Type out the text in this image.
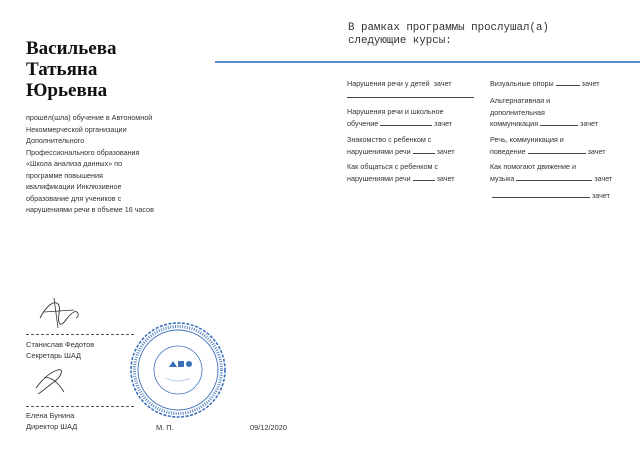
Васильева
Татьяна
Юрьевна
прошёл(шла) обучение в Автономной
Некоммерческой организации
Дополнительного
Профессионального образования
«Школа анализа данных» по
программе повышения
квалификации Инклюзивное
образование для учеников с
нарушениями речи в объеме 16 часов
В рамках программы прослушал(а)
следующие курсы:
Нарушения речи у детей зачет

Нарушения речи и школьное
обучение	зачет
Знакомство с ребенком с
нарушениями речи	зачет
Как общаться с ребенком с
нарушениями речи	зачет
Визуальные опоры	зачет
Альтернативная и
дополнительная
коммуникация	зачет
Речь, коммуникация и
поведение	зачет
Как помогают движение и
музыка	зачет
зачет
Станислав Федотов
Секретарь ШАД
Елена Бунина
Директор ШАД	М. П.	09/12/2020
